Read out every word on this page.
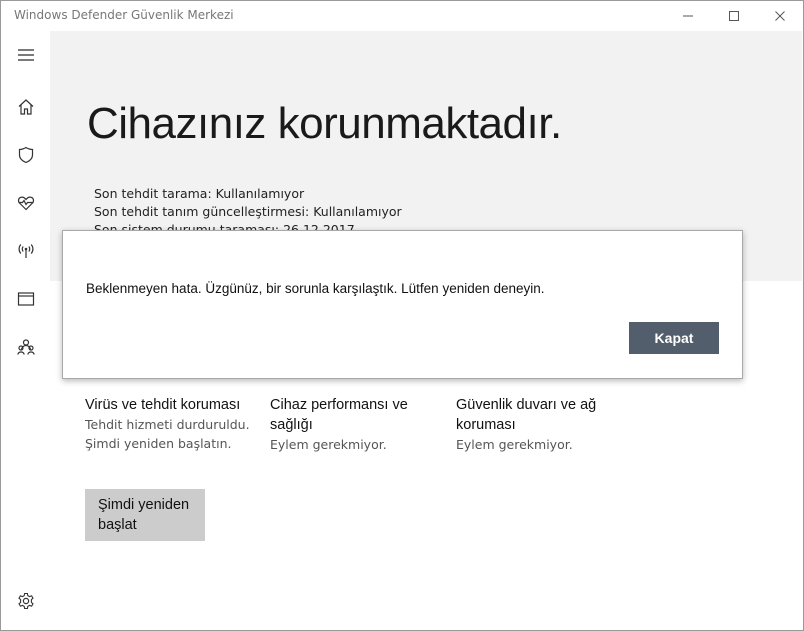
Windows Defender Güvenlik Merkezi
Cihazınız korunmaktadır.
Son tehdit tarama: Kullanılamıyor
Son tehdit tanım güncelleştirmesi: Kullanılamıyor
Virüs ve tehdit koruması
Tehdit hizmeti durduruldu. Şimdi yeniden başlatın.
Cihaz performansı ve sağlığı
Eylem gerekmiyor.
Güvenlik duvarı ve ağ koruması
Eylem gerekmiyor.
Şimdi yeniden başlat
Beklenmeyen hata. Üzgünüz, bir sorunla karşılaştık. Lütfen yeniden deneyin.
Kapat
